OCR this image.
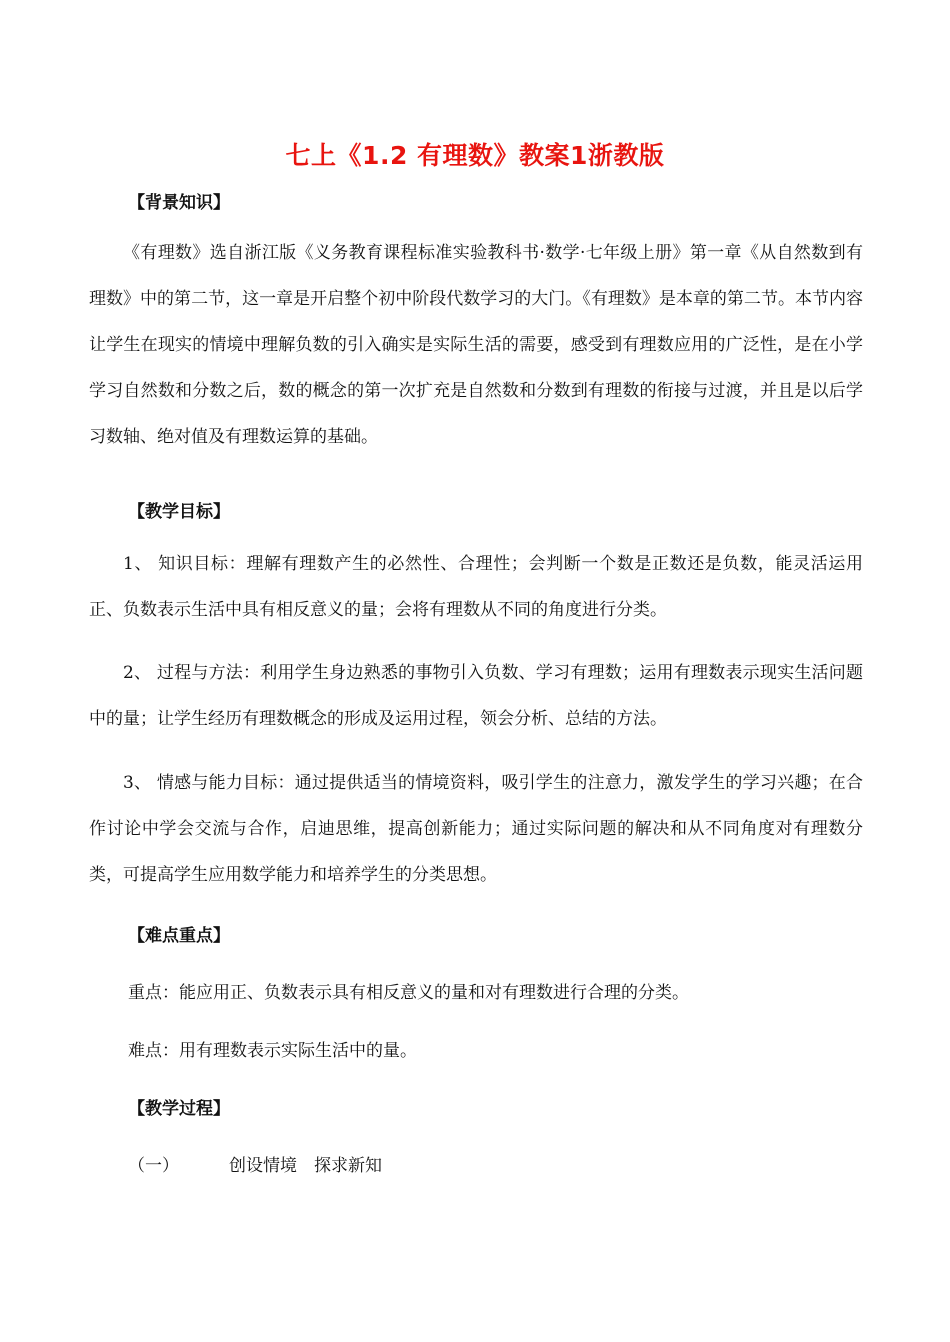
七上《1.2 有理数》教案1浙教版
【背景知识】
《有理数》选自浙江版《义务教育课程标准实验教科书·数学·七年级上册》第一章《从自然数到有理数》中的第二节，这一章是开启整个初中阶段代数学习的大门。《有理数》是本章的第二节。本节内容让学生在现实的情境中理解负数的引入确实是实际生活的需要，感受到有理数应用的广泛性，是在小学学习自然数和分数之后，数的概念的第一次扩充是自然数和分数到有理数的衔接与过渡，并且是以后学习数轴、绝对值及有理数运算的基础。
【教学目标】
1、 知识目标：理解有理数产生的必然性、合理性；会判断一个数是正数还是负数，能灵活运用正、负数表示生活中具有相反意义的量；会将有理数从不同的角度进行分类。
2、 过程与方法：利用学生身边熟悉的事物引入负数、学习有理数；运用有理数表示现实生活问题中的量；让学生经历有理数概念的形成及运用过程，领会分析、总结的方法。
3、 情感与能力目标：通过提供适当的情境资料，吸引学生的注意力，激发学生的学习兴趣；在合作讨论中学会交流与合作，启迪思维，提高创新能力；通过实际问题的解决和从不同角度对有理数分类，可提高学生应用数学能力和培养学生的分类思想。
【难点重点】
重点：能应用正、负数表示具有相反意义的量和对有理数进行合理的分类。
难点：用有理数表示实际生活中的量。
【教学过程】
（一）	创设情境　探求新知
